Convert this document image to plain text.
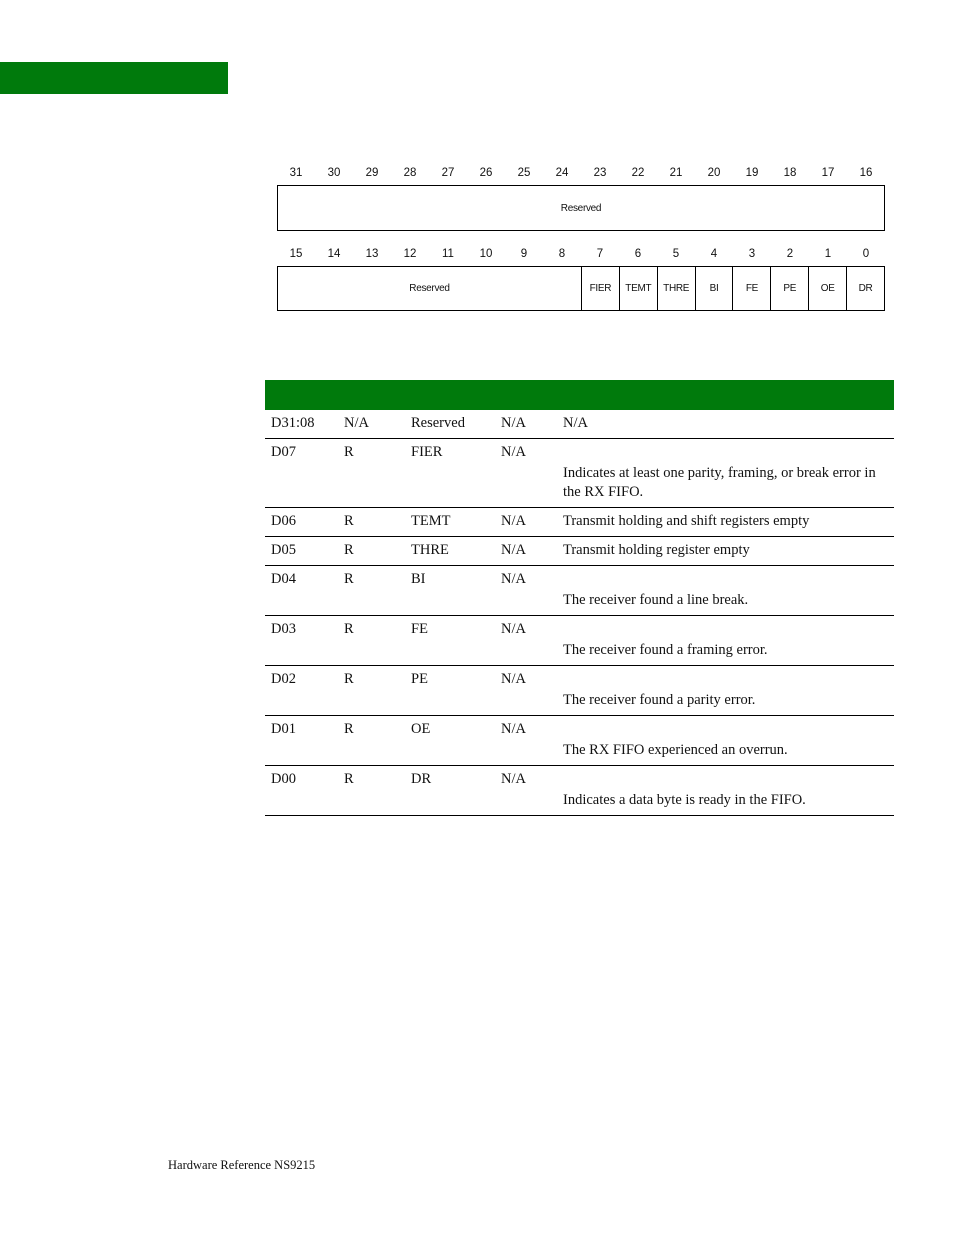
31	30	29	28	27	26	25	24	23	22	21	20	19	18	17	16
Reserved
15	14	13	12	11	10	9	8	7	6	5	4	3	2	1	0
Reserved	FIER	TEMT	THRE	BI	FE	PE	OE	DR

D31:08	N/A	Reserved	N/A	N/A

D07	R	FIER	N/A	Indicates at least one parity, framing, or break error in the RX FIFO.

D06	R	TEMT	N/A	Transmit holding and shift registers empty

D05	R	THRE	N/A	Transmit holding register empty

D04	R	BI	N/A	The receiver found a line break.

D03	R	FE	N/A	The receiver found a framing error.

D02	R	PE	N/A	The receiver found a parity error.

D01	R	OE	N/A	The RX FIFO experienced an overrun.

D00	R	DR	N/A	Indicates a data byte is ready in the FIFO.
Hardware Reference NS9215
